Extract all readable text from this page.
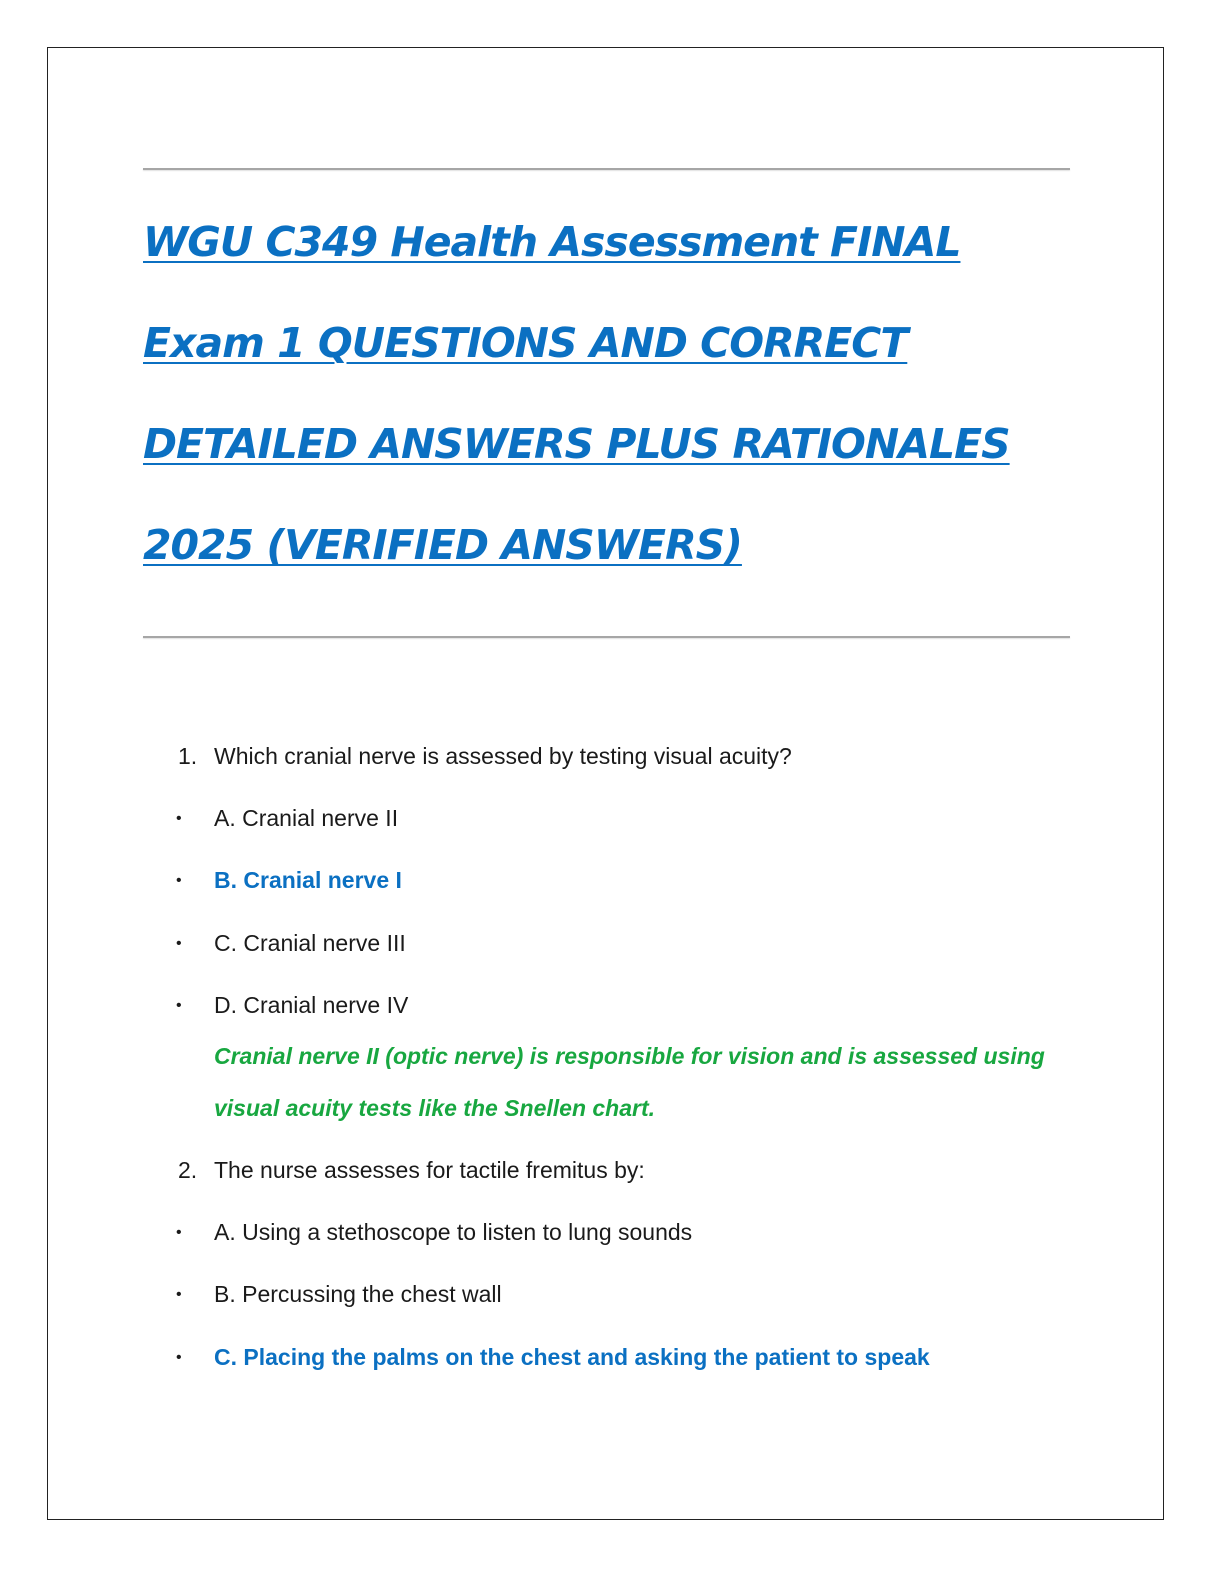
WGU C349 Health Assessment FINAL
Exam 1 QUESTIONS AND CORRECT
DETAILED ANSWERS PLUS RATIONALES
2025 (VERIFIED ANSWERS)
1. Which cranial nerve is assessed by testing visual acuity?
• A. Cranial nerve II
• B. Cranial nerve I
• C. Cranial nerve III
• D. Cranial nerve IV
Cranial nerve II (optic nerve) is responsible for vision and is assessed using
visual acuity tests like the Snellen chart.
2. The nurse assesses for tactile fremitus by:
• A. Using a stethoscope to listen to lung sounds
• B. Percussing the chest wall
• C. Placing the palms on the chest and asking the patient to speak
